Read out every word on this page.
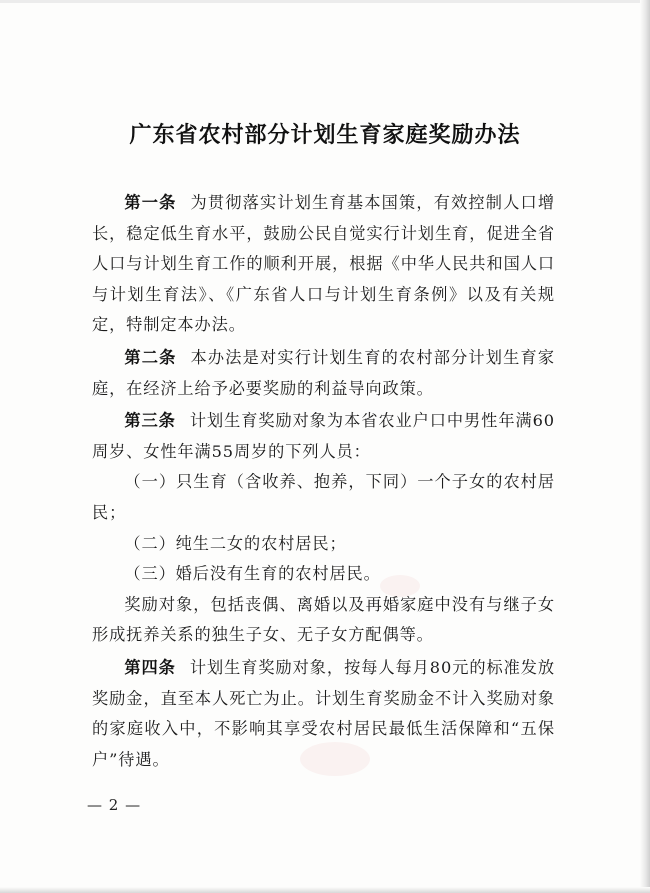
广东省农村部分计划生育家庭奖励办法

第一条 为贯彻落实计划生育基本国策，有效控制人口增长，稳定低生育水平，鼓励公民自觉实行计划生育，促进全省人口与计划生育工作的顺利开展，根据《中华人民共和国人口与计划生育法》、《广东省人口与计划生育条例》以及有关规定，特制定本办法。

第二条 本办法是对实行计划生育的农村部分计划生育家庭，在经济上给予必要奖励的利益导向政策。

第三条 计划生育奖励对象为本省农业户口中男性年满60周岁、女性年满55周岁的下列人员：

（一）只生育（含收养、抱养，下同）一个子女的农村居民；

（二）纯生二女的农村居民；

（三）婚后没有生育的农村居民。

奖励对象，包括丧偶、离婚以及再婚家庭中没有与继子女形成抚养关系的独生子女、无子女方配偶等。

第四条 计划生育奖励对象，按每人每月80元的标准发放奖励金，直至本人死亡为止。计划生育奖励金不计入奖励对象的家庭收入中，不影响其享受农村居民最低生活保障和“五保户”待遇。

— 2 —
